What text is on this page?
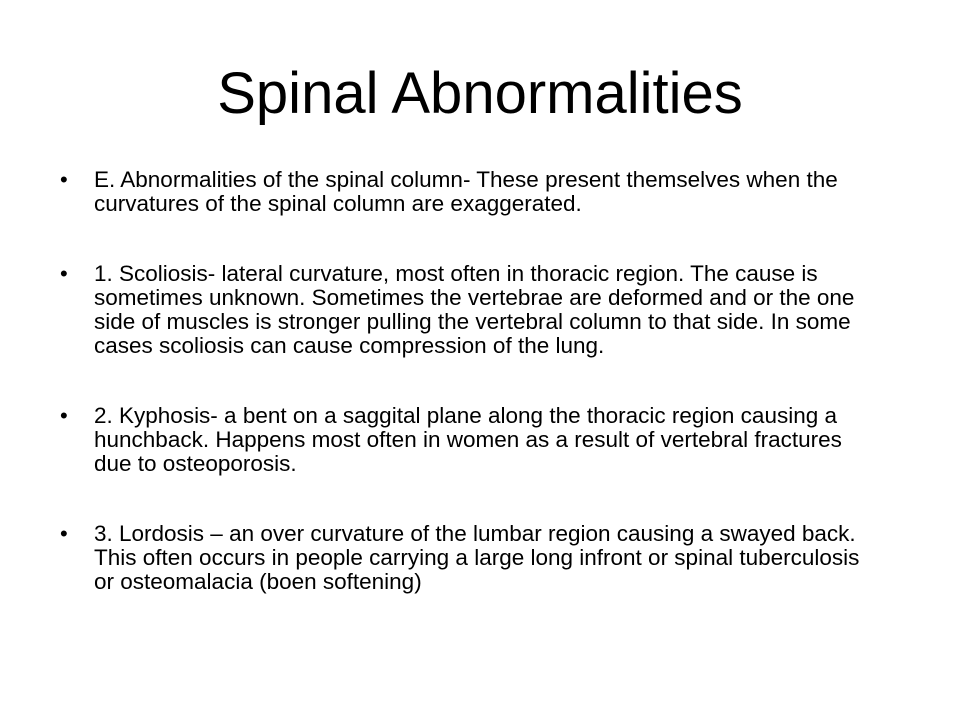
Spinal Abnormalities
•	E. Abnormalities of the spinal column- These present themselves when the curvatures of the spinal column are exaggerated.
•	1. Scoliosis- lateral curvature, most often in thoracic region. The cause is sometimes unknown. Sometimes the vertebrae are deformed and or the one side of muscles is stronger pulling the vertebral column to that side. In some cases scoliosis can cause compression of the lung.
•	2. Kyphosis- a bent on a saggital plane along the thoracic region causing a hunchback. Happens most often in women as a result of vertebral fractures due to osteoporosis.
•	3. Lordosis – an over curvature of the lumbar region causing a swayed back. This often occurs in people carrying a large long infront or spinal tuberculosis or osteomalacia (boen softening)
